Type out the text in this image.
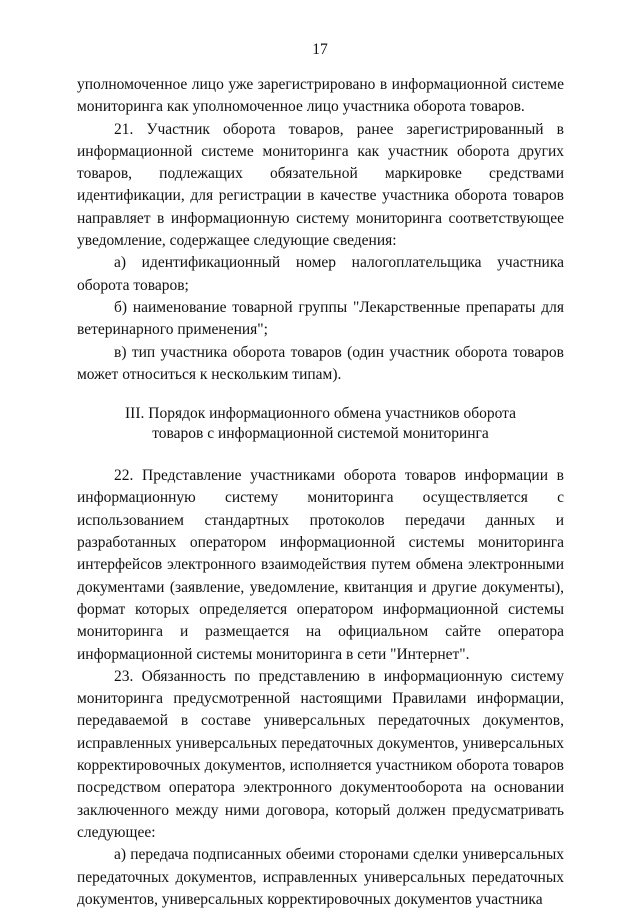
17

уполномоченное лицо уже зарегистрировано в информационной системе мониторинга как уполномоченное лицо участника оборота товаров.

21. Участник оборота товаров, ранее зарегистрированный в информационной системе мониторинга как участник оборота других товаров, подлежащих обязательной маркировке средствами идентификации, для регистрации в качестве участника оборота товаров направляет в информационную систему мониторинга соответствующее уведомление, содержащее следующие сведения:

а) идентификационный номер налогоплательщика участника оборота товаров;

б) наименование товарной группы "Лекарственные препараты для ветеринарного применения";

в) тип участника оборота товаров (один участник оборота товаров может относиться к нескольким типам).

III. Порядок информационного обмена участников оборота
товаров с информационной системой мониторинга

22. Представление участниками оборота товаров информации в информационную систему мониторинга осуществляется с использованием стандартных протоколов передачи данных и разработанных оператором информационной системы мониторинга интерфейсов электронного взаимодействия путем обмена электронными документами (заявление, уведомление, квитанция и другие документы), формат которых определяется оператором информационной системы мониторинга и размещается на официальном сайте оператора информационной системы мониторинга в сети "Интернет".

23. Обязанность по представлению в информационную систему мониторинга предусмотренной настоящими Правилами информации, передаваемой в составе универсальных передаточных документов, исправленных универсальных передаточных документов, универсальных корректировочных документов, исполняется участником оборота товаров посредством оператора электронного документооборота на основании заключенного между ними договора, который должен предусматривать следующее:

а) передача подписанных обеими сторонами сделки универсальных передаточных документов, исправленных универсальных передаточных документов, универсальных корректировочных документов участника
